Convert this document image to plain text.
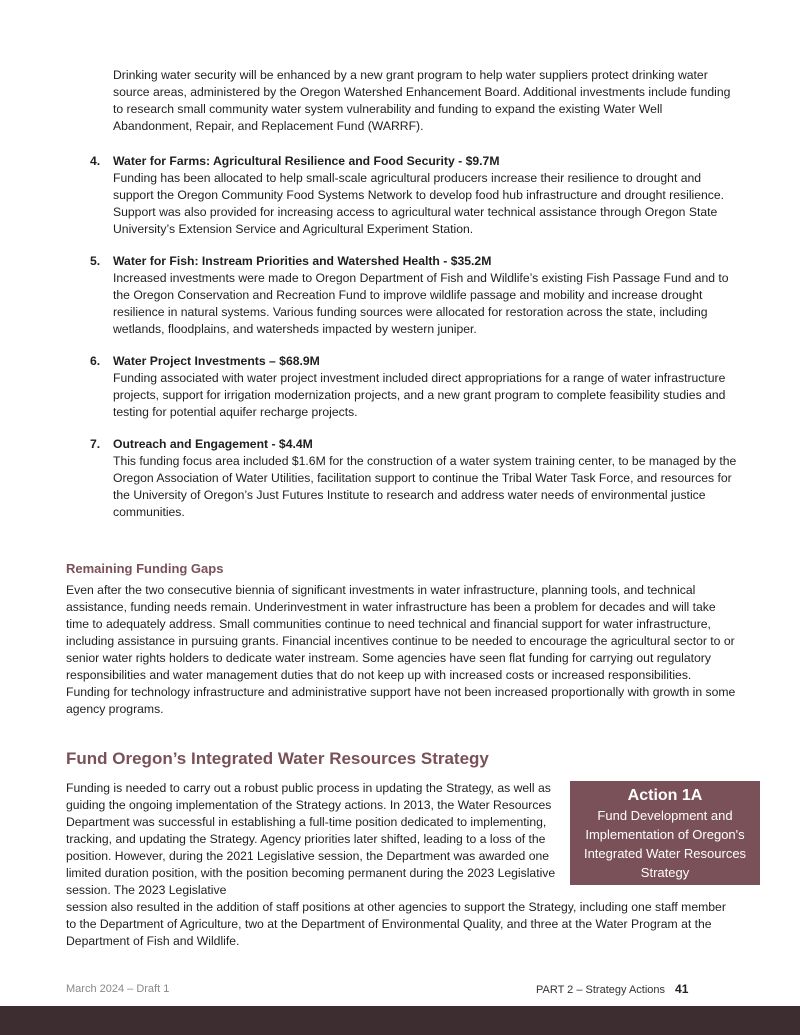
Drinking water security will be enhanced by a new grant program to help water suppliers protect drinking water source areas, administered by the Oregon Watershed Enhancement Board. Additional investments include funding to research small community water system vulnerability and funding to expand the existing Water Well Abandonment, Repair, and Replacement Fund (WARRF).

4. Water for Farms: Agricultural Resilience and Food Security - $9.7M
Funding has been allocated to help small-scale agricultural producers increase their resilience to drought and support the Oregon Community Food Systems Network to develop food hub infrastructure and drought resilience. Support was also provided for increasing access to agricultural water technical assistance through Oregon State University’s Extension Service and Agricultural Experiment Station.
5. Water for Fish: Instream Priorities and Watershed Health - $35.2M
Increased investments were made to Oregon Department of Fish and Wildlife’s existing Fish Passage Fund and to the Oregon Conservation and Recreation Fund to improve wildlife passage and mobility and increase drought resilience in natural systems. Various funding sources were allocated for restoration across the state, including wetlands, floodplains, and watersheds impacted by western juniper.
6. Water Project Investments – $68.9M
Funding associated with water project investment included direct appropriations for a range of water infrastructure projects, support for irrigation modernization projects, and a new grant program to complete feasibility studies and testing for potential aquifer recharge projects.
7. Outreach and Engagement - $4.4M
This funding focus area included $1.6M for the construction of a water system training center, to be managed by the Oregon Association of Water Utilities, facilitation support to continue the Tribal Water Task Force, and resources for the University of Oregon’s Just Futures Institute to research and address water needs of environmental justice communities.
Remaining Funding Gaps

Even after the two consecutive biennia of significant investments in water infrastructure, planning tools, and technical assistance, funding needs remain. Underinvestment in water infrastructure has been a problem for decades and will take time to adequately address. Small communities continue to need technical and financial support for water infrastructure, including assistance in pursuing grants. Financial incentives continue to be needed to encourage the agricultural sector to or senior water rights holders to dedicate water instream. Some agencies have seen flat funding for carrying out regulatory responsibilities and water management duties that do not keep up with increased costs or increased responsibilities. Funding for technology infrastructure and administrative support have not been increased proportionally with growth in some agency programs.

Fund Oregon’s Integrated Water Resources Strategy

Funding is needed to carry out a robust public process in updating the Strategy, as well as guiding the ongoing implementation of the Strategy actions. In 2013, the Water Resources Department was successful in establishing a full-time position dedicated to implementing, tracking, and updating the Strategy. Agency priorities later shifted, leading to a loss of the position. However, during the 2021 Legislative session, the Department was awarded one limited duration position, with the position becoming permanent during the 2023 Legislative session. The 2023 Legislative

session also resulted in the addition of staff positions at other agencies to support the Strategy, including one staff member to the Department of Agriculture, two at the Department of Environmental Quality, and three at the Water Program at the Department of Fish and Wildlife.

Action 1A
Fund Development and Implementation of Oregon's Integrated Water Resources Strategy
March 2024 – Draft 1	PART 2 – Strategy Actions 41
